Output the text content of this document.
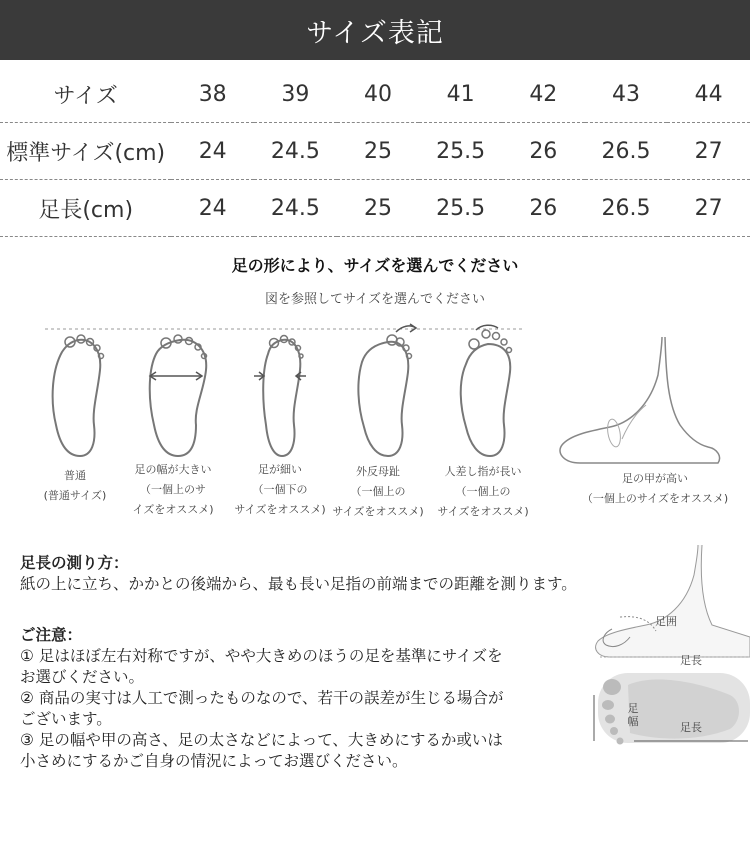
サイズ表記
サイズ	38	39	40	41	42	43	44
標準サイズ(cm)	24	24.5	25	25.5	26	26.5	27
足長(cm)	24	24.5	25	25.5	26	26.5	27
足の形により、サイズを選んでください
図を参照してサイズを選んでください
普通
(普通サイズ)
足の幅が大きい
（一個上のサ
イズをオススメ)
足が細い
（一個下の
サイズをオススメ)
外反母趾
（一個上の
サイズをオススメ)
人差し指が長い
（一個上の
サイズをオススメ)
足の甲が高い
（一個上のサイズをオススメ)
足長の測り方：
紙の上に立ち、かかとの後端から、最も長い足指の前端までの距離を測ります。
ご注意：
① 足はほぼ左右対称ですが、やや大きめのほうの足を基準にサイズを
お選びください。
② 商品の実寸は人工で測ったものなので、若干の誤差が生じる場合が
ございます。
③ 足の幅や甲の高さ、足の太さなどによって、大きめにするか或いは
小さめにするかご自身の情況によってお選びください。
足囲
足長
足幅	足長
